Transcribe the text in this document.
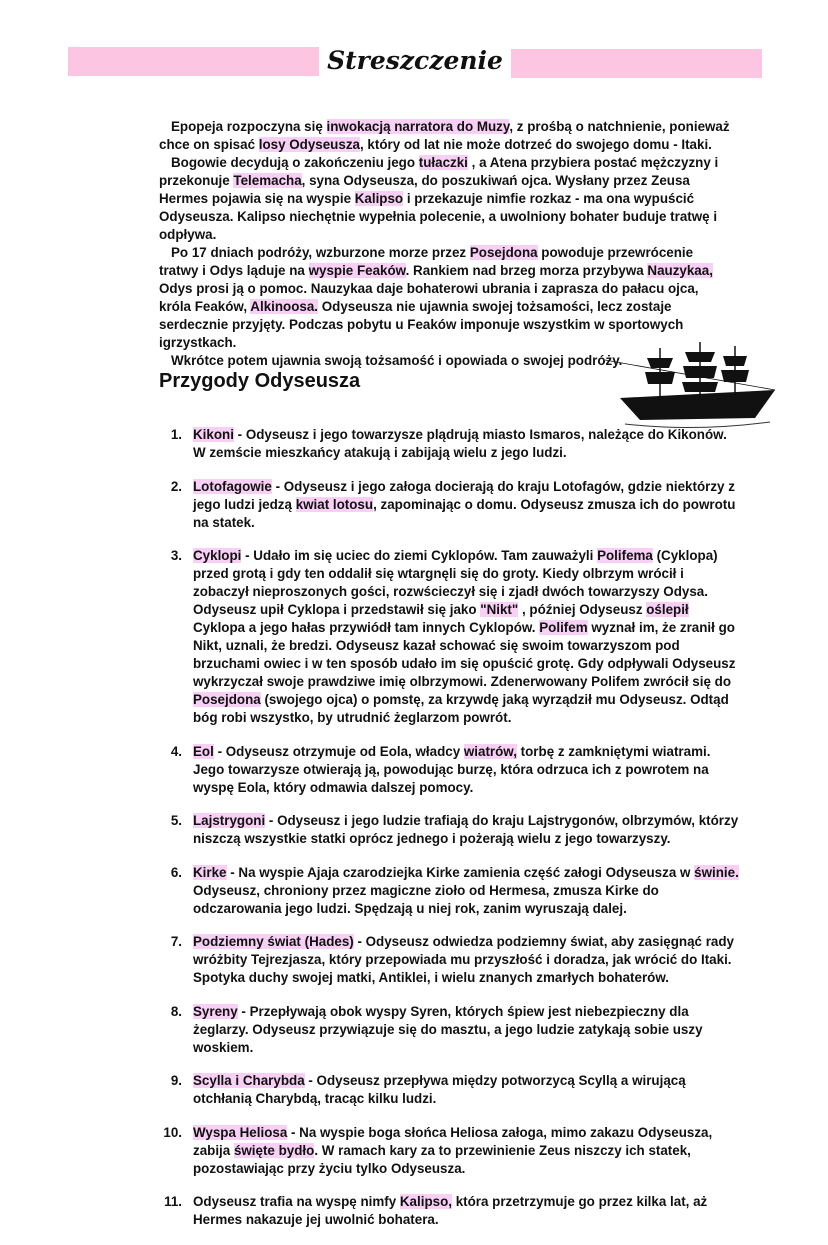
Streszczenie

Epopeja rozpoczyna się inwokacją narratora do Muzy, z prośbą o natchnienie, ponieważ chce on spisać losy Odyseusza, który od lat nie może dotrzeć do swojego domu - Itaki.

Bogowie decydują o zakończeniu jego tułaczki , a Atena przybiera postać mężczyzny i przekonuje Telemacha, syna Odyseusza, do poszukiwań ojca. Wysłany przez Zeusa Hermes pojawia się na wyspie Kalipso i przekazuje nimfie rozkaz - ma ona wypuścić Odyseusza. Kalipso niechętnie wypełnia polecenie, a uwolniony bohater buduje tratwę i odpływa.

Po 17 dniach podróży, wzburzone morze przez Posejdona powoduje przewrócenie tratwy i Odys ląduje na wyspie Feaków. Rankiem nad brzeg morza przybywa Nauzykaa, Odys prosi ją o pomoc. Nauzykaa daje bohaterowi ubrania i zaprasza do pałacu ojca, króla Feaków, Alkinoosa. Odyseusza nie ujawnia swojej tożsamości, lecz zostaje serdecznie przyjęty. Podczas pobytu u Feaków imponuje wszystkim w sportowych igrzystkach.

Wkrótce potem ujawnia swoją tożsamość i opowiada o swojej podróży.

Przygody Odyseusza
1. Kikoni - Odyseusz i jego towarzysze plądrują miasto Ismaros, należące do Kikonów. W zemście mieszkańcy atakują i zabijają wielu z jego ludzi.
2. Lotofagowie - Odyseusz i jego załoga docierają do kraju Lotofagów, gdzie niektórzy z jego ludzi jedzą kwiat lotosu, zapominając o domu. Odyseusz zmusza ich do powrotu na statek.
3. Cyklopi - Udało im się uciec do ziemi Cyklopów. Tam zauważyli Polifema (Cyklopa) przed grotą i gdy ten oddalił się wtargnęli się do groty. Kiedy olbrzym wrócił i zobaczył nieproszonych gości, rozwścieczył się i zjadł dwóch towarzyszy Odysa. Odyseusz upił Cyklopa i przedstawił się jako "Nikt" , później Odyseusz oślepił Cyklopa a jego hałas przywiódł tam innych Cyklopów. Polifem wyznał im, że zranił go Nikt, uznali, że bredzi. Odyseusz kazał schować się swoim towarzyszom pod brzuchami owiec i w ten sposób udało im się opuścić grotę. Gdy odpływali Odyseusz wykrzyczał swoje prawdziwe imię olbrzymowi. Zdenerwowany Polifem zwrócił się do Posejdona (swojego ojca) o pomstę, za krzywdę jaką wyrządził mu Odyseusz. Odtąd bóg robi wszystko, by utrudnić żeglarzom powrót.
4. Eol - Odyseusz otrzymuje od Eola, władcy wiatrów, torbę z zamkniętymi wiatrami. Jego towarzysze otwierają ją, powodując burzę, która odrzuca ich z powrotem na wyspę Eola, który odmawia dalszej pomocy.
5. Lajstrygoni - Odyseusz i jego ludzie trafiają do kraju Lajstrygonów, olbrzymów, którzy niszczą wszystkie statki oprócz jednego i pożerają wielu z jego towarzyszy.
6. Kirke - Na wyspie Ajaja czarodziejka Kirke zamienia część załogi Odyseusza w świnie. Odyseusz, chroniony przez magiczne zioło od Hermesa, zmusza Kirke do odczarowania jego ludzi. Spędzają u niej rok, zanim wyruszają dalej.
7. Podziemny świat (Hades) - Odyseusz odwiedza podziemny świat, aby zasięgnąć rady wróżbity Tejrezjasza, który przepowiada mu przyszłość i doradza, jak wrócić do Itaki. Spotyka duchy swojej matki, Antiklei, i wielu znanych zmarłych bohaterów.
8. Syreny - Przepływają obok wyspy Syren, których śpiew jest niebezpieczny dla żeglarzy. Odyseusz przywiązuje się do masztu, a jego ludzie zatykają sobie uszy woskiem.
9. Scylla i Charybda - Odyseusz przepływa między potworzycą Scyllą a wirującą otchłanią Charybdą, tracąc kilku ludzi.
10. Wyspa Heliosa - Na wyspie boga słońca Heliosa załoga, mimo zakazu Odyseusza, zabija święte bydło. W ramach kary za to przewinienie Zeus niszczy ich statek, pozostawiając przy życiu tylko Odyseusza.
11. Odyseusz trafia na wyspę nimfy Kalipso, która przetrzymuje go przez kilka lat, aż Hermes nakazuje jej uwolnić bohatera.
